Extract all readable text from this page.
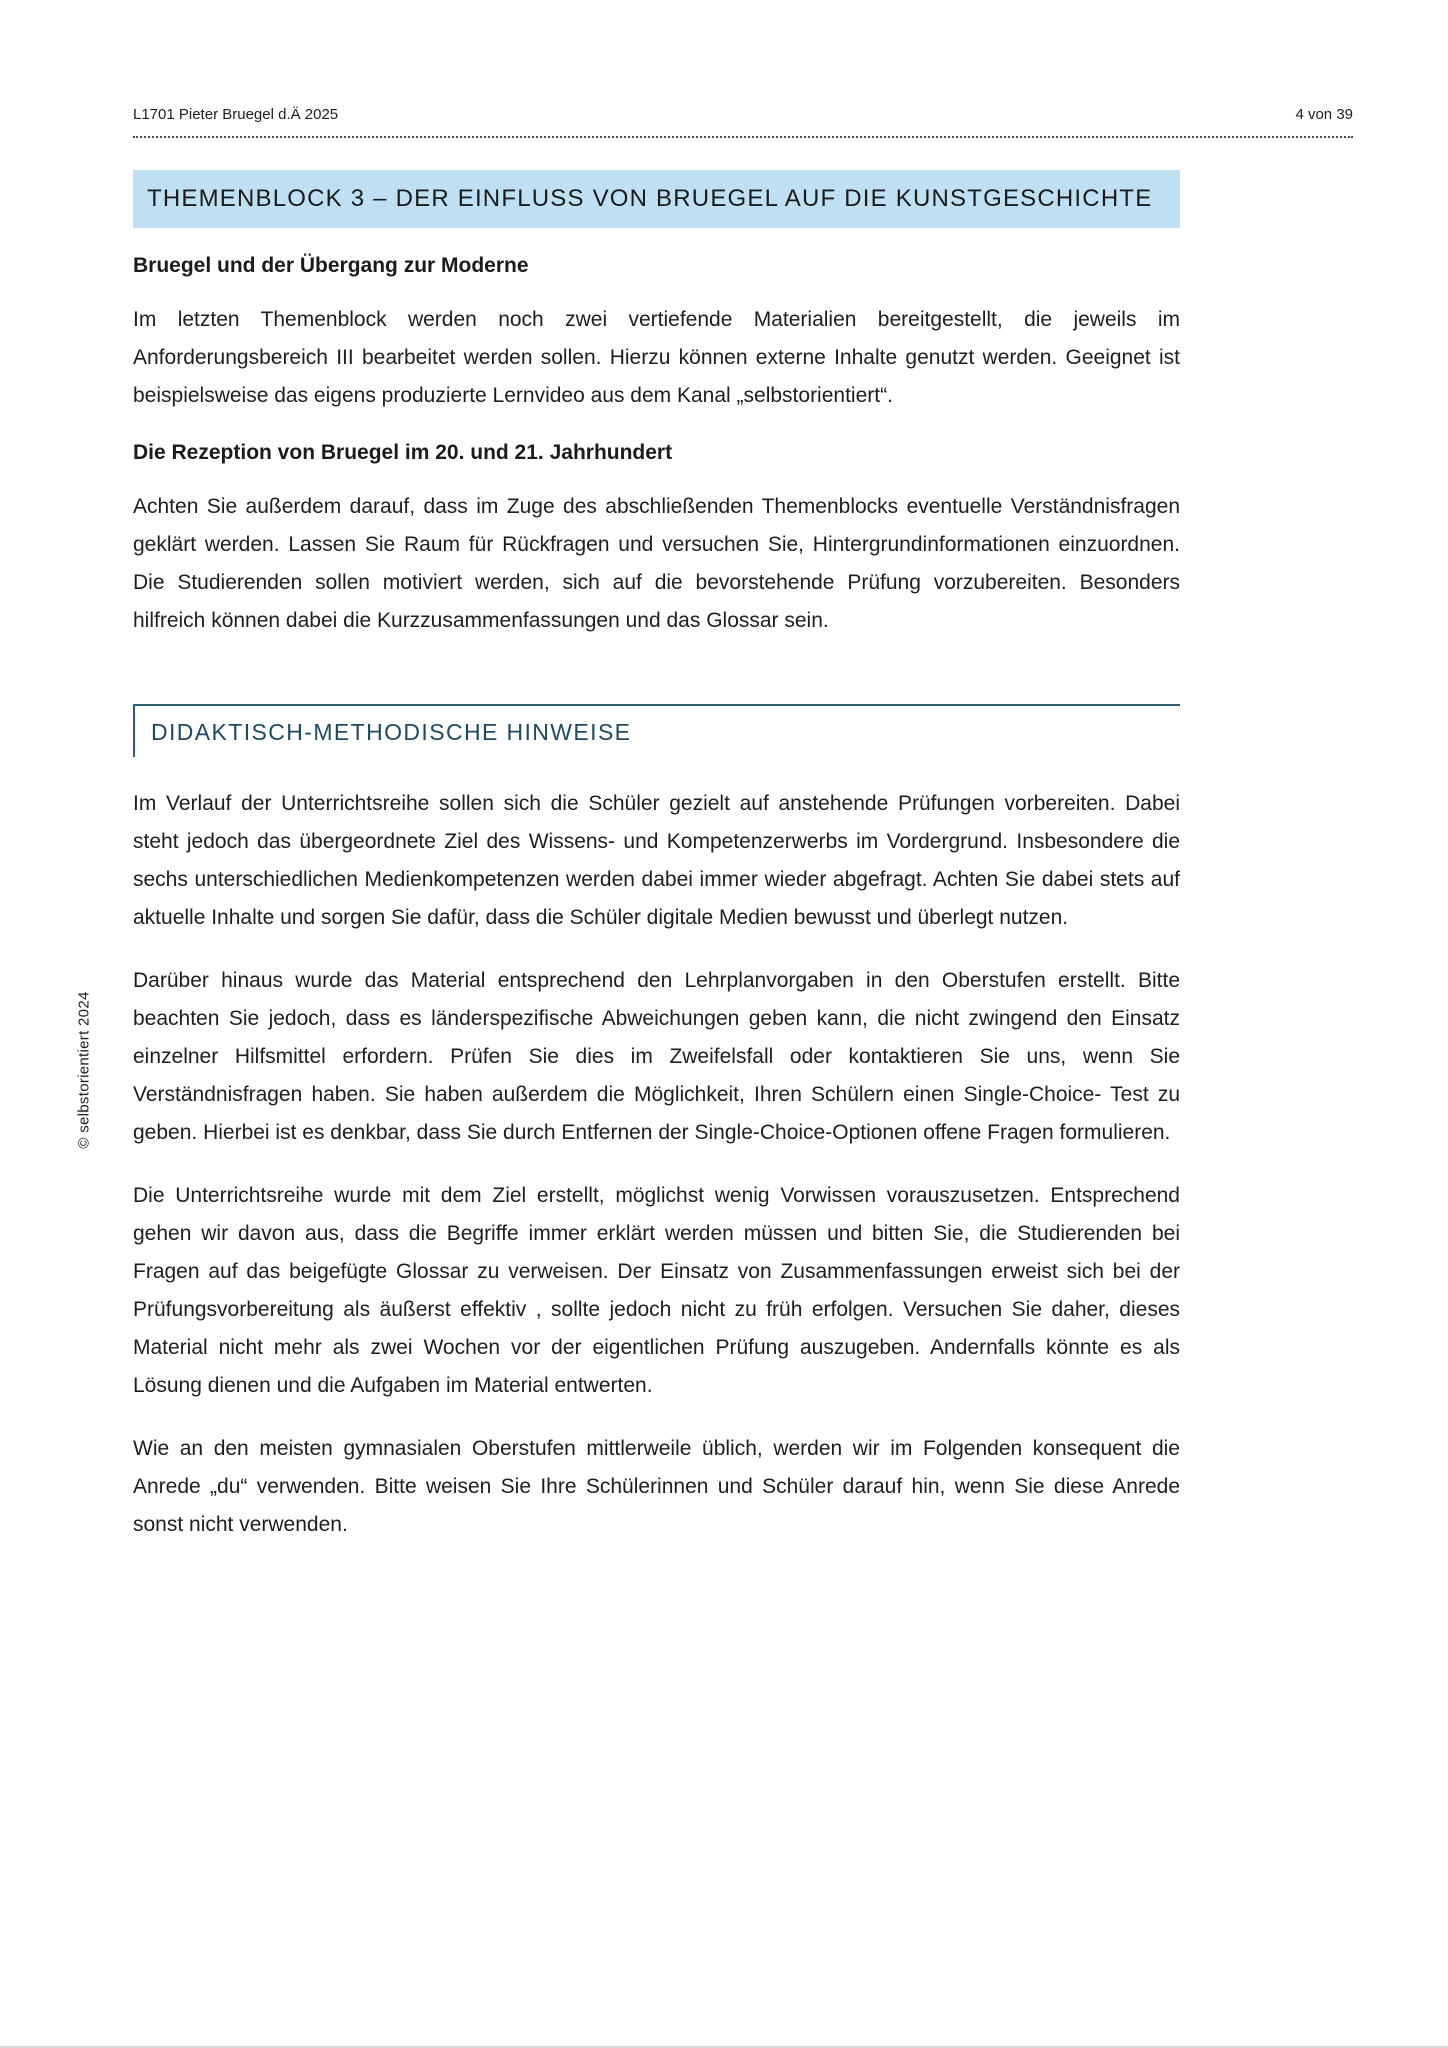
L1701 Pieter Bruegel d.Ä 2025	4 von 39
© selbstorientiert 2024
THEMENBLOCK 3 – DER EINFLUSS VON BRUEGEL AUF DIE KUNSTGESCHICHTE
Bruegel und der Übergang zur Moderne

Im letzten Themenblock werden noch zwei vertiefende Materialien bereitgestellt, die jeweils im Anforderungsbereich III bearbeitet werden sollen. Hierzu können externe Inhalte genutzt werden. Geeignet ist beispielsweise das eigens produzierte Lernvideo aus dem Kanal „selbstorientiert“.

Die Rezeption von Bruegel im 20. und 21. Jahrhundert

Achten Sie außerdem darauf, dass im Zuge des abschließenden Themenblocks eventuelle Verständnisfragen geklärt werden. Lassen Sie Raum für Rückfragen und versuchen Sie, Hintergrundinformationen einzuordnen. Die Studierenden sollen motiviert werden, sich auf die bevorstehende Prüfung vorzubereiten. Besonders hilfreich können dabei die Kurzzusammenfassungen und das Glossar sein.

DIDAKTISCH-METHODISCHE HINWEISE

Im Verlauf der Unterrichtsreihe sollen sich die Schüler gezielt auf anstehende Prüfungen vorbereiten. Dabei steht jedoch das übergeordnete Ziel des Wissens- und Kompetenzerwerbs im Vordergrund. Insbesondere die sechs unterschiedlichen Medienkompetenzen werden dabei immer wieder abgefragt. Achten Sie dabei stets auf aktuelle Inhalte und sorgen Sie dafür, dass die Schüler digitale Medien bewusst und überlegt nutzen.

Darüber hinaus wurde das Material entsprechend den Lehrplanvorgaben in den Oberstufen erstellt. Bitte beachten Sie jedoch, dass es länderspezifische Abweichungen geben kann, die nicht zwingend den Einsatz einzelner Hilfsmittel erfordern. Prüfen Sie dies im Zweifelsfall oder kontaktieren Sie uns, wenn Sie Verständnisfragen haben. Sie haben außerdem die Möglichkeit, Ihren Schülern einen Single-Choice- Test zu geben. Hierbei ist es denkbar, dass Sie durch Entfernen der Single-Choice-Optionen offene Fragen formulieren.

Die Unterrichtsreihe wurde mit dem Ziel erstellt, möglichst wenig Vorwissen vorauszusetzen. Entsprechend gehen wir davon aus, dass die Begriffe immer erklärt werden müssen und bitten Sie, die Studierenden bei Fragen auf das beigefügte Glossar zu verweisen. Der Einsatz von Zusammenfassungen erweist sich bei der Prüfungsvorbereitung als äußerst effektiv , sollte jedoch nicht zu früh erfolgen. Versuchen Sie daher, dieses Material nicht mehr als zwei Wochen vor der eigentlichen Prüfung auszugeben. Andernfalls könnte es als Lösung dienen und die Aufgaben im Material entwerten.

Wie an den meisten gymnasialen Oberstufen mittlerweile üblich, werden wir im Folgenden konsequent die Anrede „du“ verwenden. Bitte weisen Sie Ihre Schülerinnen und Schüler darauf hin, wenn Sie diese Anrede sonst nicht verwenden.
